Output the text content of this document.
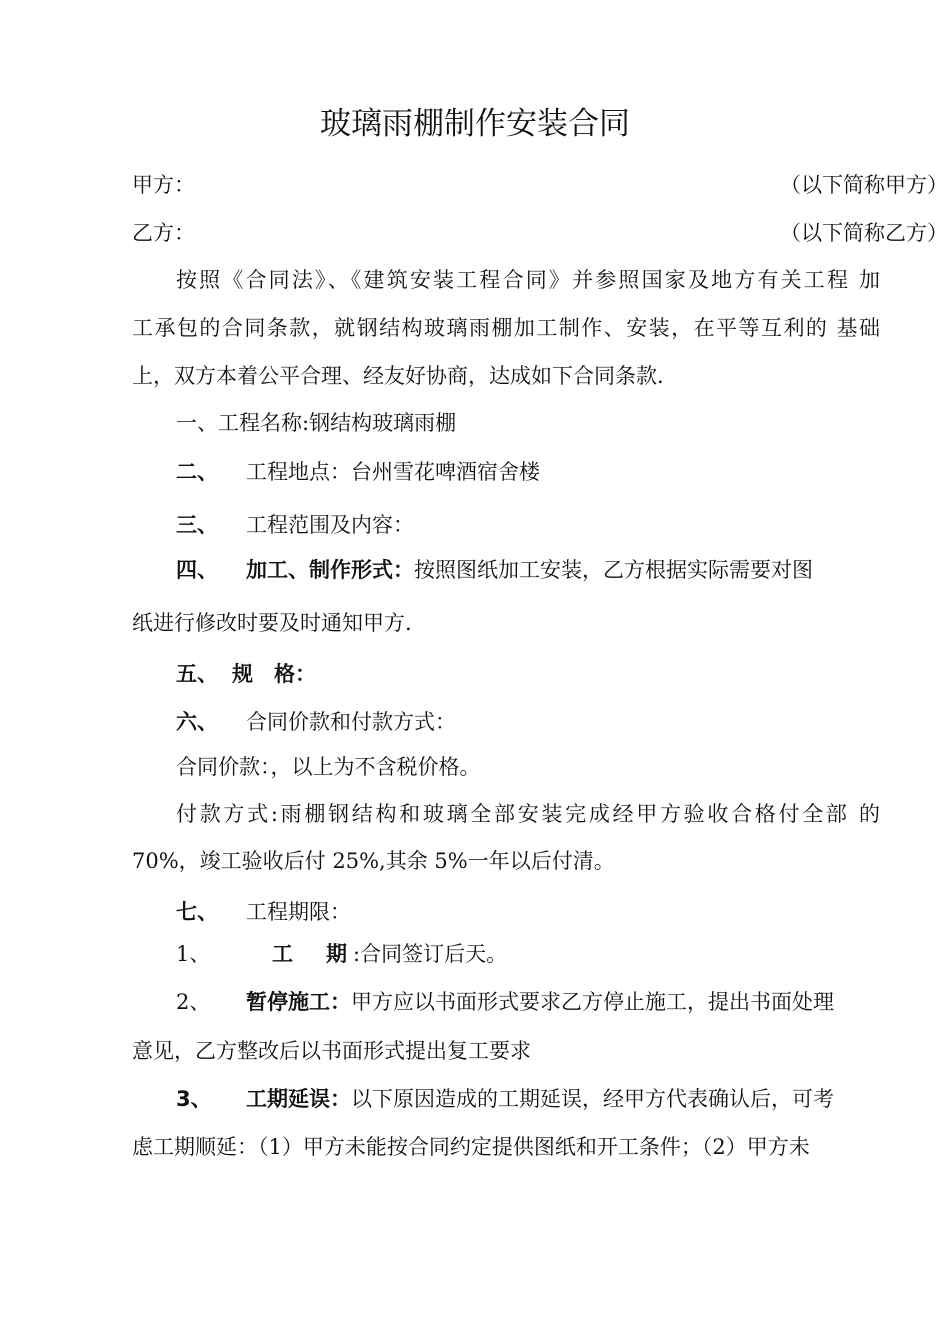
玻璃雨棚制作安装合同
甲方：	（以下简称甲方）
乙方：	（以下简称乙方）
按照《合同法》、《建筑安装工程合同》并参照国家及地方有关工程 加
工承包的合同条款，就钢结构玻璃雨棚加工制作、安装，在平等互利的 基础
上，双方本着公平合理、经友好协商，达成如下合同条款.
一、工程名称:钢结构玻璃雨棚
二、 工程地点：台州雪花啤酒宿舍楼
三、 工程范围及内容：
四、 加工、制作形式：按照图纸加工安装，乙方根据实际需要对图
纸进行修改时要及时通知甲方.
五、 规　格：
六、 合同价款和付款方式：
合同价款：，以上为不含税价格。
付款方式:雨棚钢结构和玻璃全部安装完成经甲方验收合格付全部 的
70%，竣工验收后付 25%,其余 5%一年以后付清。
七、 工程期限：
1、	工　期:合同签订后天。
2、 暂停施工：甲方应以书面形式要求乙方停止施工，提出书面处理
意见，乙方整改后以书面形式提出复工要求
3、 工期延误：以下原因造成的工期延误，经甲方代表确认后，可考
虑工期顺延：（1）甲方未能按合同约定提供图纸和开工条件；（2）甲方未
